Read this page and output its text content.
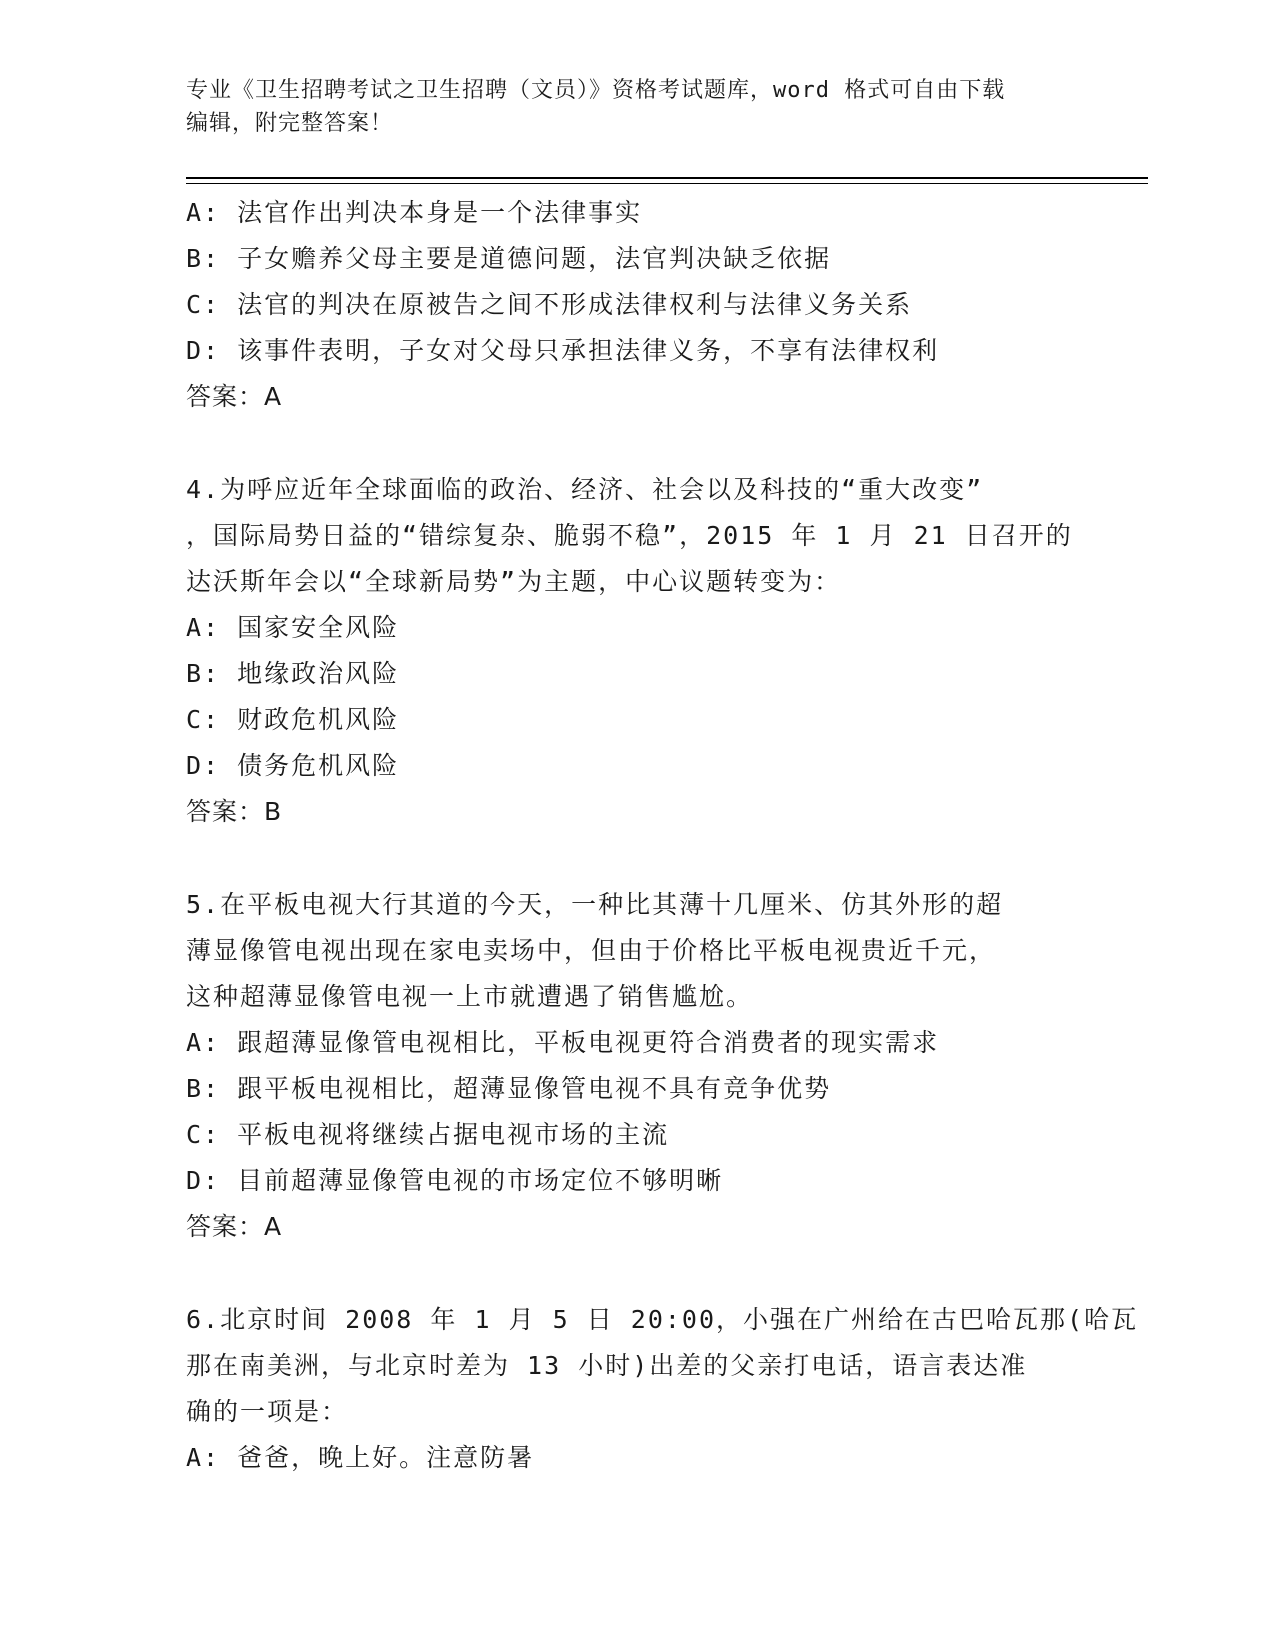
专业《卫生招聘考试之卫生招聘（文员）》资格考试题库，word 格式可自由下载
编辑，附完整答案！
A: 法官作出判决本身是一个法律事实
B: 子女赡养父母主要是道德问题，法官判决缺乏依据
C: 法官的判决在原被告之间不形成法律权利与法律义务关系
D: 该事件表明，子女对父母只承担法律义务，不享有法律权利
答案：A
4.为呼应近年全球面临的政治、经济、社会以及科技的“重大改变”
，国际局势日益的“错综复杂、脆弱不稳”，2015 年 1 月 21 日召开的
达沃斯年会以“全球新局势”为主题，中心议题转变为：
A: 国家安全风险
B: 地缘政治风险
C: 财政危机风险
D: 债务危机风险
答案：B
5.在平板电视大行其道的今天，一种比其薄十几厘米、仿其外形的超
薄显像管电视出现在家电卖场中，但由于价格比平板电视贵近千元，
这种超薄显像管电视一上市就遭遇了销售尴尬。
A: 跟超薄显像管电视相比，平板电视更符合消费者的现实需求
B: 跟平板电视相比，超薄显像管电视不具有竞争优势
C: 平板电视将继续占据电视市场的主流
D: 目前超薄显像管电视的市场定位不够明晰
答案：A
6.北京时间 2008 年 1 月 5 日 20:00，小强在广州给在古巴哈瓦那(哈瓦
那在南美洲，与北京时差为 13 小时)出差的父亲打电话，语言表达准
确的一项是：
A: 爸爸，晚上好。注意防暑
